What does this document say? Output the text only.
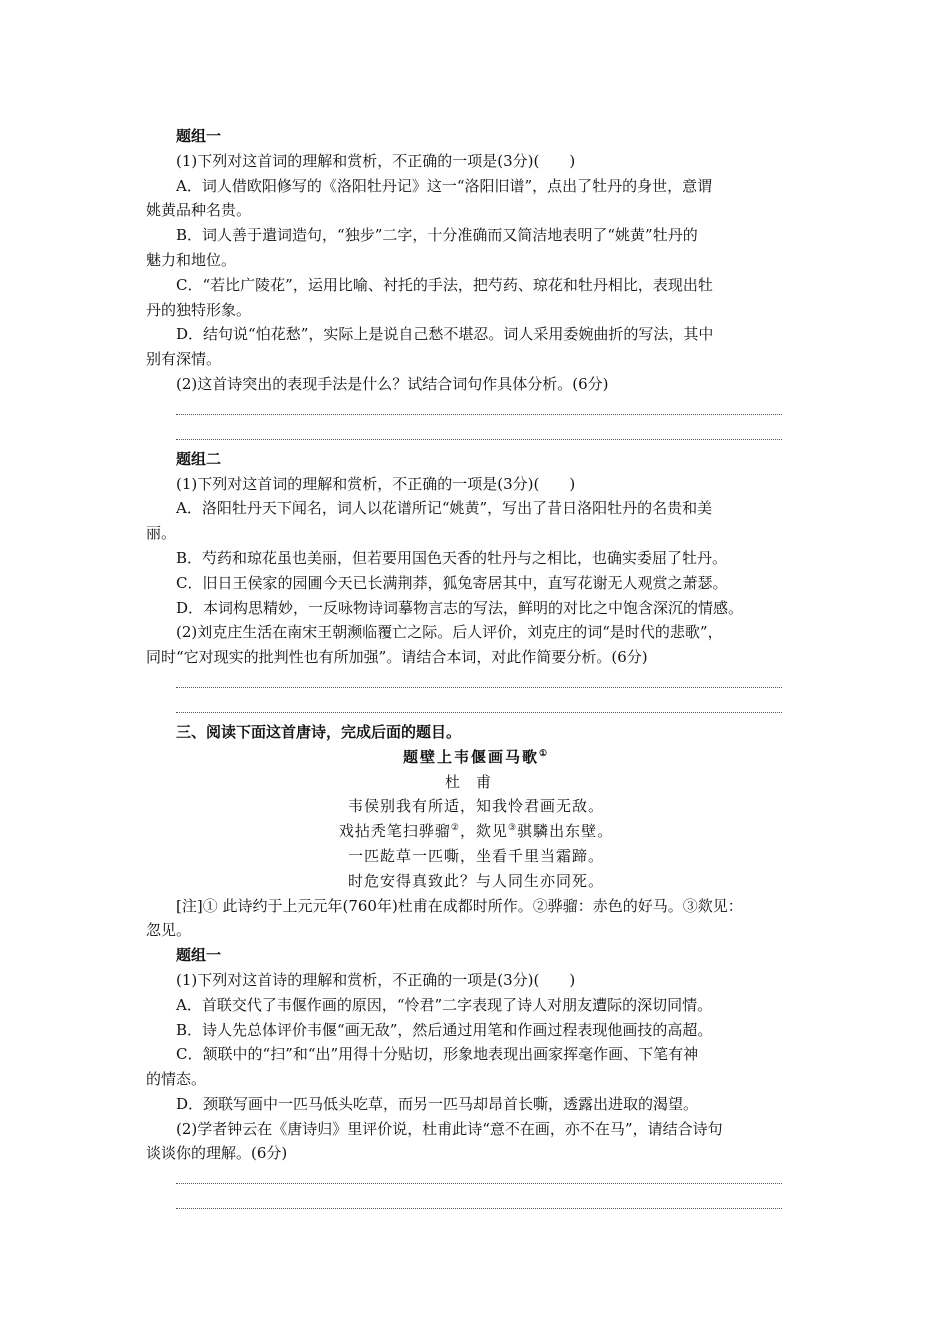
题组一
(1)下列对这首词的理解和赏析，不正确的一项是(3分)(　　)
A．词人借欧阳修写的《洛阳牡丹记》这一“洛阳旧谱”，点出了牡丹的身世，意谓
姚黄品种名贵。
B．词人善于遣词造句，“独步”二字，十分准确而又简洁地表明了“姚黄”牡丹的
魅力和地位。
C．“若比广陵花”，运用比喻、衬托的手法，把芍药、琼花和牡丹相比，表现出牡
丹的独特形象。
D．结句说“怕花愁”，实际上是说自己愁不堪忍。词人采用委婉曲折的写法，其中
别有深情。
(2)这首诗突出的表现手法是什么？试结合词句作具体分析。(6分)
题组二
(1)下列对这首词的理解和赏析，不正确的一项是(3分)(　　)
A．洛阳牡丹天下闻名，词人以花谱所记“姚黄”，写出了昔日洛阳牡丹的名贵和美
丽。
B．芍药和琼花虽也美丽，但若要用国色天香的牡丹与之相比，也确实委屈了牡丹。
C．旧日王侯家的园圃今天已长满荆莽，狐兔寄居其中，直写花谢无人观赏之萧瑟。
D．本词构思精妙，一反咏物诗词摹物言志的写法，鲜明的对比之中饱含深沉的情感。
(2)刘克庄生活在南宋王朝濒临覆亡之际。后人评价，刘克庄的词“是时代的悲歌”，
同时“它对现实的批判性也有所加强”。请结合本词，对此作简要分析。(6分)
三、阅读下面这首唐诗，完成后面的题目。
题壁上韦偃画马歌①
杜甫
韦侯别我有所适，知我怜君画无敌。
戏拈秃笔扫骅骝②，欻见③骐驎出东壁。
一匹龁草一匹嘶，坐看千里当霜蹄。
时危安得真致此？与人同生亦同死。
[注]① 此诗约于上元元年(760年)杜甫在成都时所作。②骅骝：赤色的好马。③欻见：
忽见。
题组一
(1)下列对这首诗的理解和赏析，不正确的一项是(3分)(　　)
A．首联交代了韦偃作画的原因，“怜君”二字表现了诗人对朋友遭际的深切同情。
B．诗人先总体评价韦偃“画无敌”，然后通过用笔和作画过程表现他画技的高超。
C．颔联中的“扫”和“出”用得十分贴切，形象地表现出画家挥毫作画、下笔有神
的情态。
D．颈联写画中一匹马低头吃草，而另一匹马却昂首长嘶，透露出进取的渴望。
(2)学者钟云在《唐诗归》里评价说，杜甫此诗“意不在画，亦不在马”，请结合诗句
谈谈你的理解。(6分)
